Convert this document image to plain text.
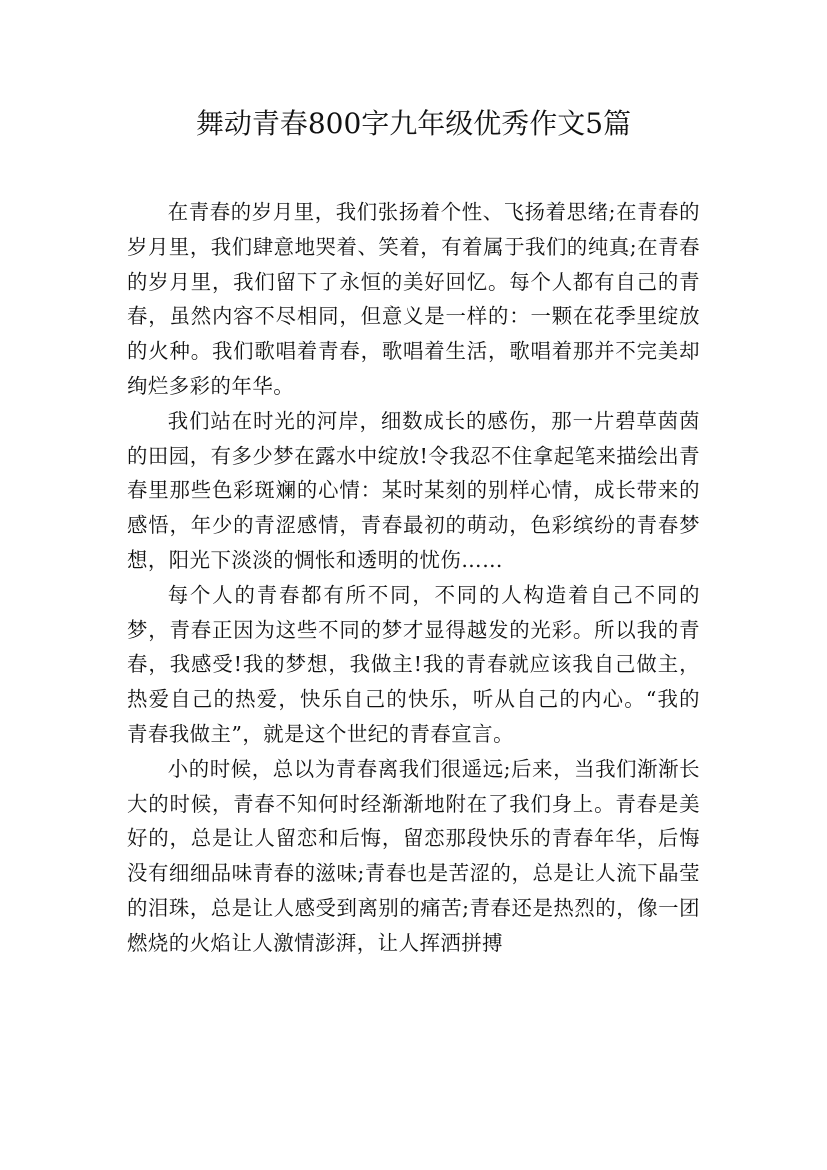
舞动青春800字九年级优秀作文5篇

在青春的岁月里，我们张扬着个性、飞扬着思绪;在青春的岁月里，我们肆意地哭着、笑着，有着属于我们的纯真;在青春的岁月里，我们留下了永恒的美好回忆。每个人都有自己的青春，虽然内容不尽相同，但意义是一样的：一颗在花季里绽放的火种。我们歌唱着青春，歌唱着生活，歌唱着那并不完美却绚烂多彩的年华。

我们站在时光的河岸，细数成长的感伤，那一片碧草茵茵的田园，有多少梦在露水中绽放!令我忍不住拿起笔来描绘出青春里那些色彩斑斓的心情：某时某刻的别样心情，成长带来的感悟，年少的青涩感情，青春最初的萌动，色彩缤纷的青春梦想，阳光下淡淡的惆怅和透明的忧伤……

每个人的青春都有所不同，不同的人构造着自己不同的梦，青春正因为这些不同的梦才显得越发的光彩。所以我的青春，我感受!我的梦想，我做主!我的青春就应该我自己做主，热爱自己的热爱，快乐自己的快乐，听从自己的内心。“我的青春我做主”，就是这个世纪的青春宣言。

小的时候，总以为青春离我们很遥远;后来，当我们渐渐长大的时候，青春不知何时经渐渐地附在了我们身上。青春是美好的，总是让人留恋和后悔，留恋那段快乐的青春年华，后悔没有细细品味青春的滋味;青春也是苦涩的，总是让人流下晶莹的泪珠，总是让人感受到离别的痛苦;青春还是热烈的，像一团燃烧的火焰让人激情澎湃，让人挥洒拼搏
